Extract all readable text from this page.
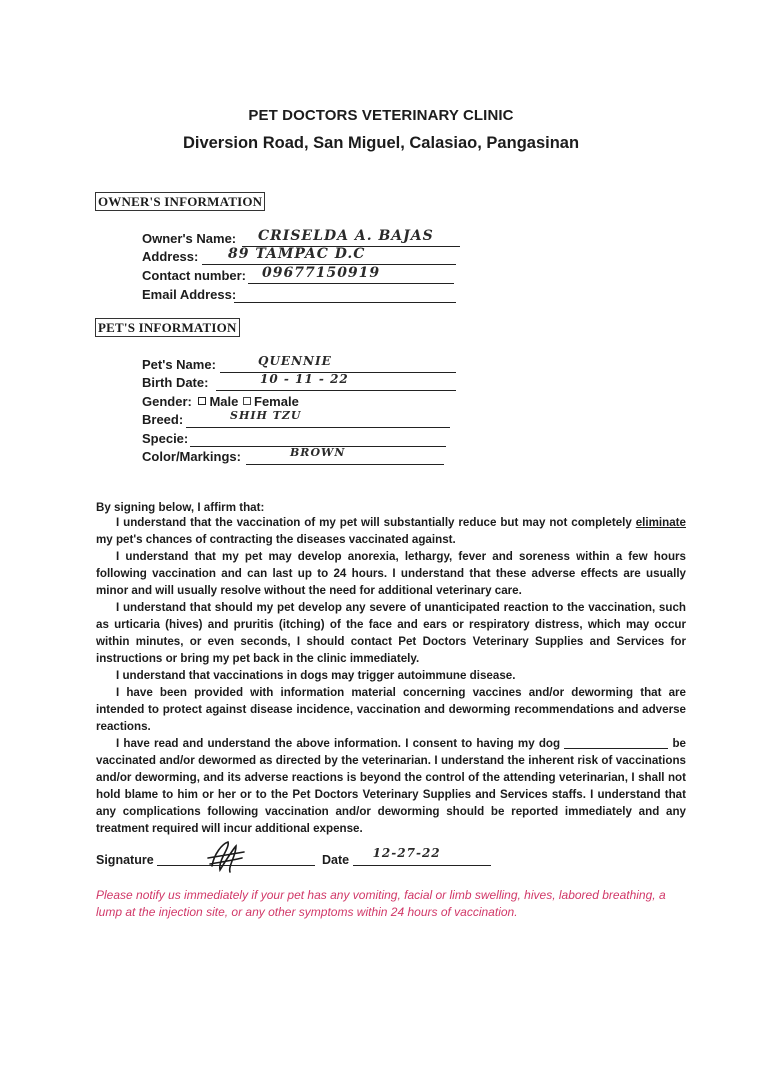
PET DOCTORS VETERINARY CLINIC
Diversion Road, San Miguel, Calasiao, Pangasinan
OWNER'S INFORMATION
Owner's Name: CRISELDA A. BAJAS
Address: 89 TAMPAC D.C
Contact number: 09677150919
Email Address:
PET'S INFORMATION
Pet's Name:	QUENNIE
Birth Date:	10 - 11 - 22
Gender: Male Female
Breed:	SHIH TZU
Specie:
Color/Markings:	BROWN
By signing below, I affirm that:
I understand that the vaccination of my pet will substantially reduce but may not completely eliminate my pet's chances of contracting the diseases vaccinated against.
I understand that my pet may develop anorexia, lethargy, fever and soreness within a few hours following vaccination and can last up to 24 hours. I understand that these adverse effects are usually minor and will usually resolve without the need for additional veterinary care.
I understand that should my pet develop any severe of unanticipated reaction to the vaccination, such as urticaria (hives) and pruritis (itching) of the face and ears or respiratory distress, which may occur within minutes, or even seconds, I should contact Pet Doctors Veterinary Supplies and Services for instructions or bring my pet back in the clinic immediately.
I understand that vaccinations in dogs may trigger autoimmune disease.
I have been provided with information material concerning vaccines and/or deworming that are intended to protect against disease incidence, vaccination and deworming recommendations and adverse reactions.
I have read and understand the above information. I consent to having my dog	be vaccinated and/or dewormed as directed by the veterinarian. I understand the inherent risk of vaccinations and/or deworming, and its adverse reactions is beyond the control of the attending veterinarian, I shall not hold blame to him or her or to the Pet Doctors Veterinary Supplies and Services staffs. I understand that any complications following vaccination and/or deworming should be reported immediately and any treatment required will incur additional expense.
Signature	Date 12-27-22
Please notify us immediately if your pet has any vomiting, facial or limb swelling, hives, labored breathing, a lump at the injection site, or any other symptoms within 24 hours of vaccination.
